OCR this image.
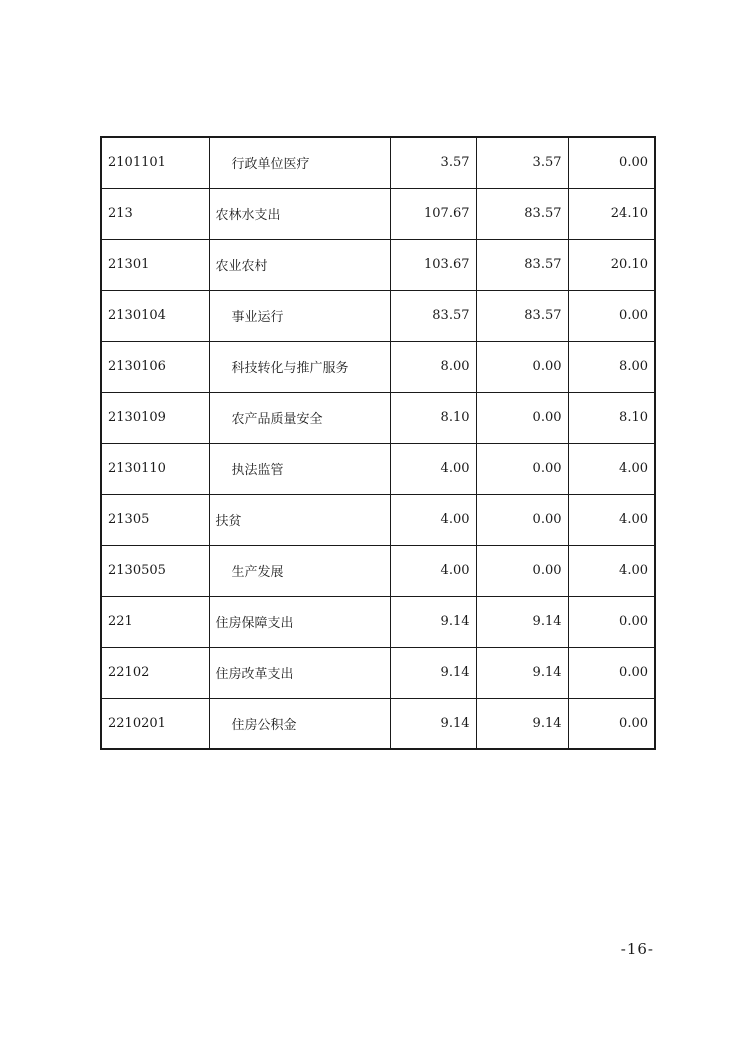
2101101	行政单位医疗	3.57	3.57	0.00
213	农林水支出	107.67	83.57	24.10
21301	农业农村	103.67	83.57	20.10
2130104	事业运行	83.57	83.57	0.00
2130106	科技转化与推广服务	8.00	0.00	8.00
2130109	农产品质量安全	8.10	0.00	8.10
2130110	执法监管	4.00	0.00	4.00
21305	扶贫	4.00	0.00	4.00
2130505	生产发展	4.00	0.00	4.00
221	住房保障支出	9.14	9.14	0.00
22102	住房改革支出	9.14	9.14	0.00
2210201	住房公积金	9.14	9.14	0.00
-16-
